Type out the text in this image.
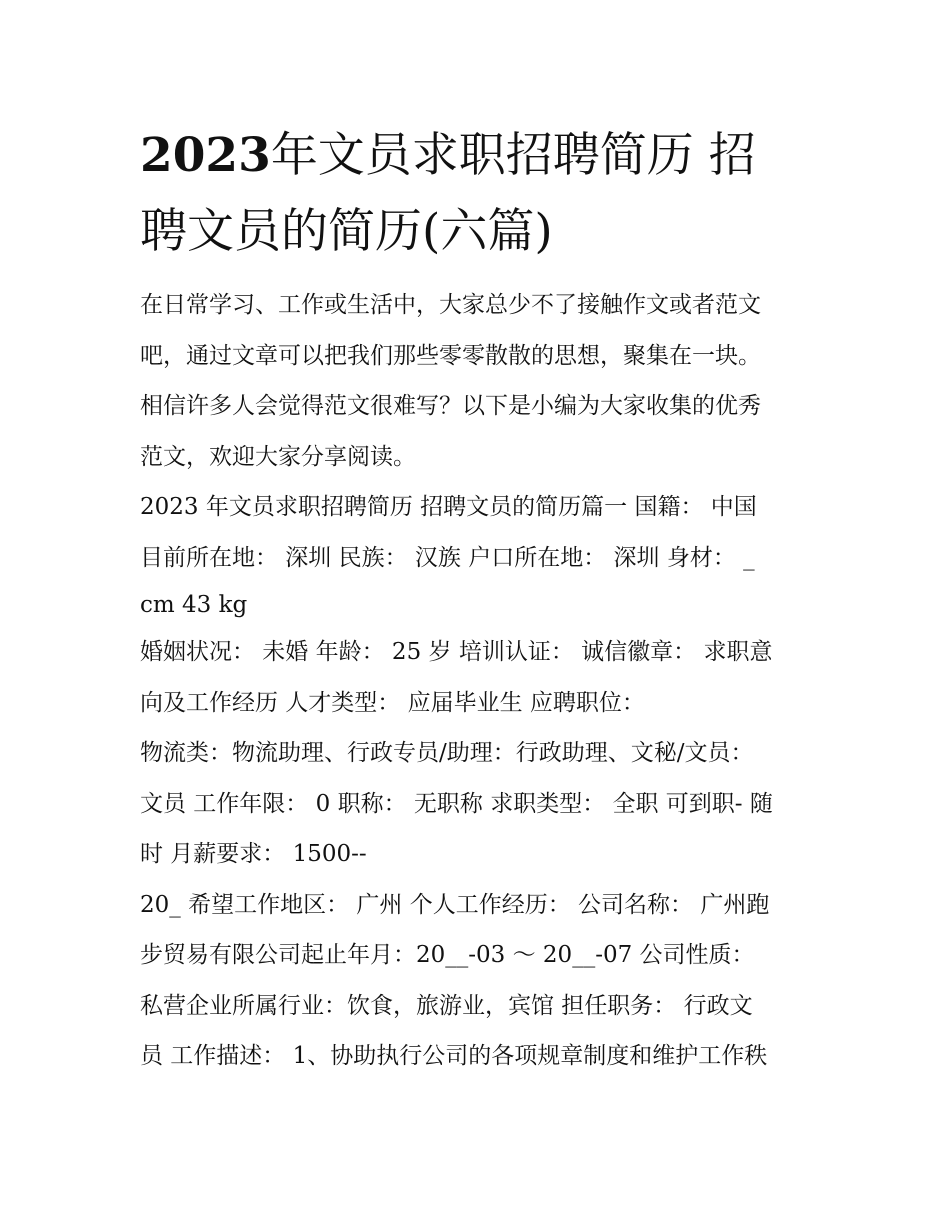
2023年文员求职招聘简历 招
聘文员的简历(六篇)
在日常学习、工作或生活中，大家总少不了接触作文或者范文
吧，通过文章可以把我们那些零零散散的思想，聚集在一块。
相信许多人会觉得范文很难写？以下是小编为大家收集的优秀
范文，欢迎大家分享阅读。
2023 年文员求职招聘简历 招聘文员的简历篇一 国籍： 中国
目前所在地： 深圳 民族： 汉族 户口所在地： 深圳 身材： _
cm 43 kg
婚姻状况： 未婚 年龄： 25 岁 培训认证： 诚信徽章： 求职意
向及工作经历 人才类型： 应届毕业生 应聘职位：
物流类：物流助理、行政专员/助理：行政助理、文秘/文员：
文员 工作年限： 0 职称： 无职称 求职类型： 全职 可到职- 随
时 月薪要求： 1500--
20_ 希望工作地区： 广州 个人工作经历： 公司名称： 广州跑
步贸易有限公司起止年月：20__-03 ～ 20__-07 公司性质：
私营企业所属行业：饮食，旅游业，宾馆 担任职务： 行政文
员 工作描述： 1、协助执行公司的各项规章制度和维护工作秩
